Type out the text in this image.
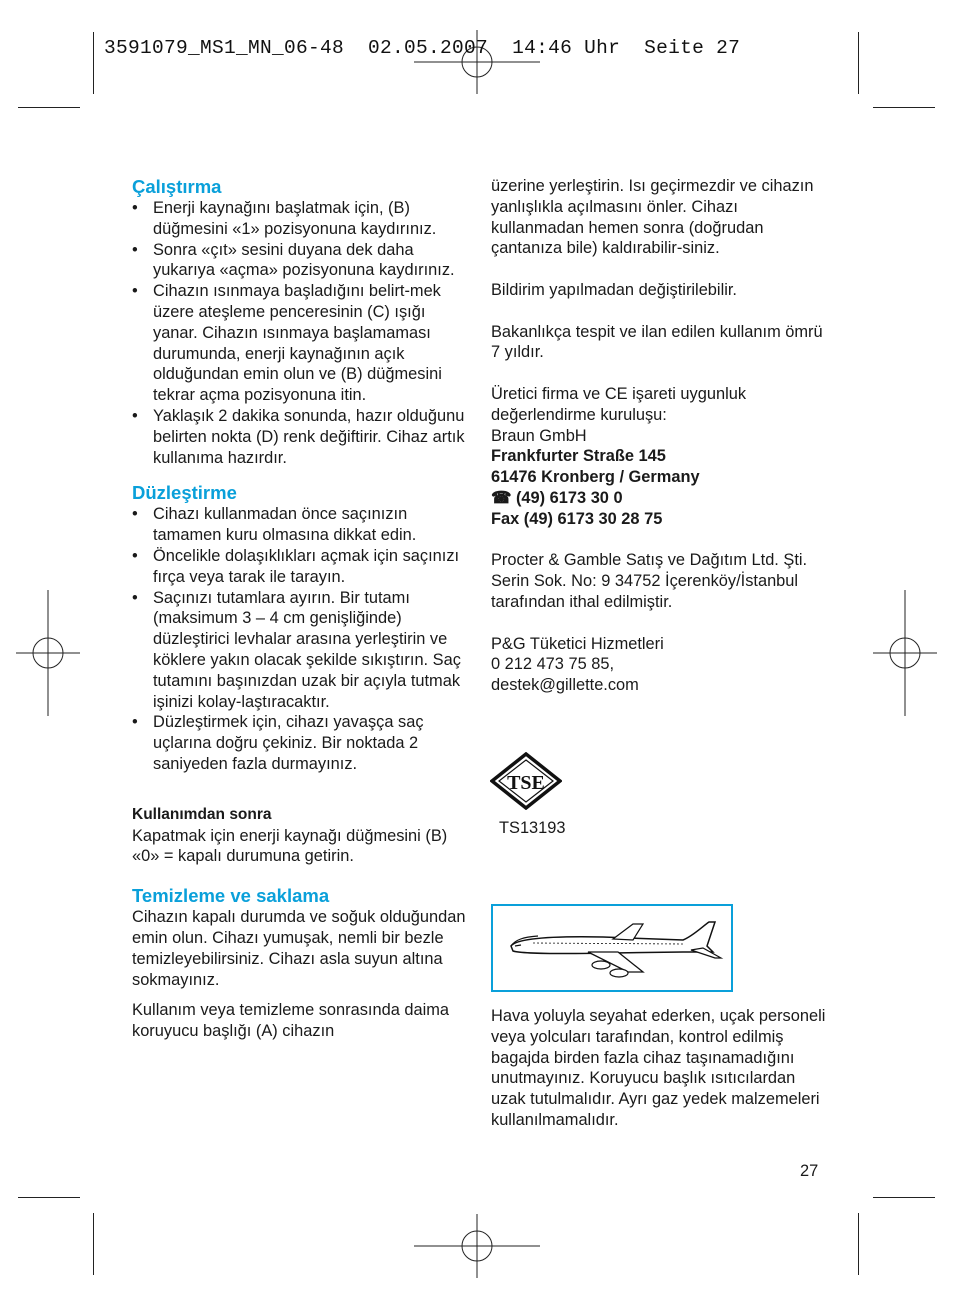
3591079_MS1_MN_06-48  02.05.2007  14:46 Uhr  Seite 27
Çalıştırma
• Enerji kaynağını başlatmak için, (B) düğmesini «1» pozisyonuna kaydırınız.
• Sonra «çıt» sesini duyana dek daha yukarıya «açma» pozisyonuna kaydırınız.
• Cihazın ısınmaya başladığını belirt-mek üzere ateşleme penceresinin (C) ışığı yanar. Cihazın ısınmaya başlamaması durumunda, enerji kaynağının açık olduğundan emin olun ve (B) düğmesini tekrar açma pozisyonuna itin.
• Yaklaşık 2 dakika sonunda, hazır olduğunu belirten nokta (D) renk değiftirir. Cihaz artık kullanıma hazırdır.
Düzleştirme
• Cihazı kullanmadan önce saçınızın tamamen kuru olmasına dikkat edin.
• Öncelikle dolaşıklıkları açmak için saçınızı fırça veya tarak ile tarayın.
• Saçınızı tutamlara ayırın. Bir tutamı (maksimum 3 – 4 cm genişliğinde) düzleştirici levhalar arasına yerleştirin ve köklere yakın olacak şekilde sıkıştırın. Saç tutamını başınızdan uzak bir açıyla tutmak işinizi kolay-laştıracaktır.
• Düzleştirmek için, cihazı yavaşça saç uçlarına doğru çekiniz. Bir noktada 2 saniyeden fazla durmayınız.
Kullanımdan sonra

Kapatmak için enerji kaynağı düğmesini (B) «0» = kapalı durumuna getirin.

Temizleme ve saklama

Cihazın kapalı durumda ve soğuk olduğundan emin olun. Cihazı yumuşak, nemli bir bezle temizleyebilirsiniz. Cihazı asla suyun altına sokmayınız.

Kullanım veya temizleme sonrasında daima koruyucu başlığı (A) cihazın

üzerine yerleştirin. Isı geçirmezdir ve cihazın yanlışlıkla açılmasını önler. Cihazı kullanmadan hemen sonra (doğrudan çantanıza bile) kaldırabilir-siniz.

Bildirim yapılmadan değiştirilebilir.

Bakanlıkça tespit ve ilan edilen kullanım ömrü 7 yıldır.

Üretici firma ve CE işareti uygunluk değerlendirme kuruluşu:

Braun GmbH

Frankfurter Straße 145

61476 Kronberg / Germany

☎ (49) 6173 30 0

Fax (49) 6173 30 28 75

Procter & Gamble Satış ve Dağıtım Ltd. Şti. Serin Sok. No: 9 34752 İçerenköy/İstanbul tarafından ithal edilmiştir.

P&G Tüketici Hizmetleri

0 212 473 75 85,

destek@gillette.com

TSE
TS13193
Hava yoluyla seyahat ederken, uçak personeli veya yolcuları tarafından, kontrol edilmiş bagajda birden fazla cihaz taşınamadığını unutmayınız. Koruyucu başlık ısıtıcılardan uzak tutulmalıdır. Ayrı gaz yedek malzemeleri kullanılmamalıdır.
27
